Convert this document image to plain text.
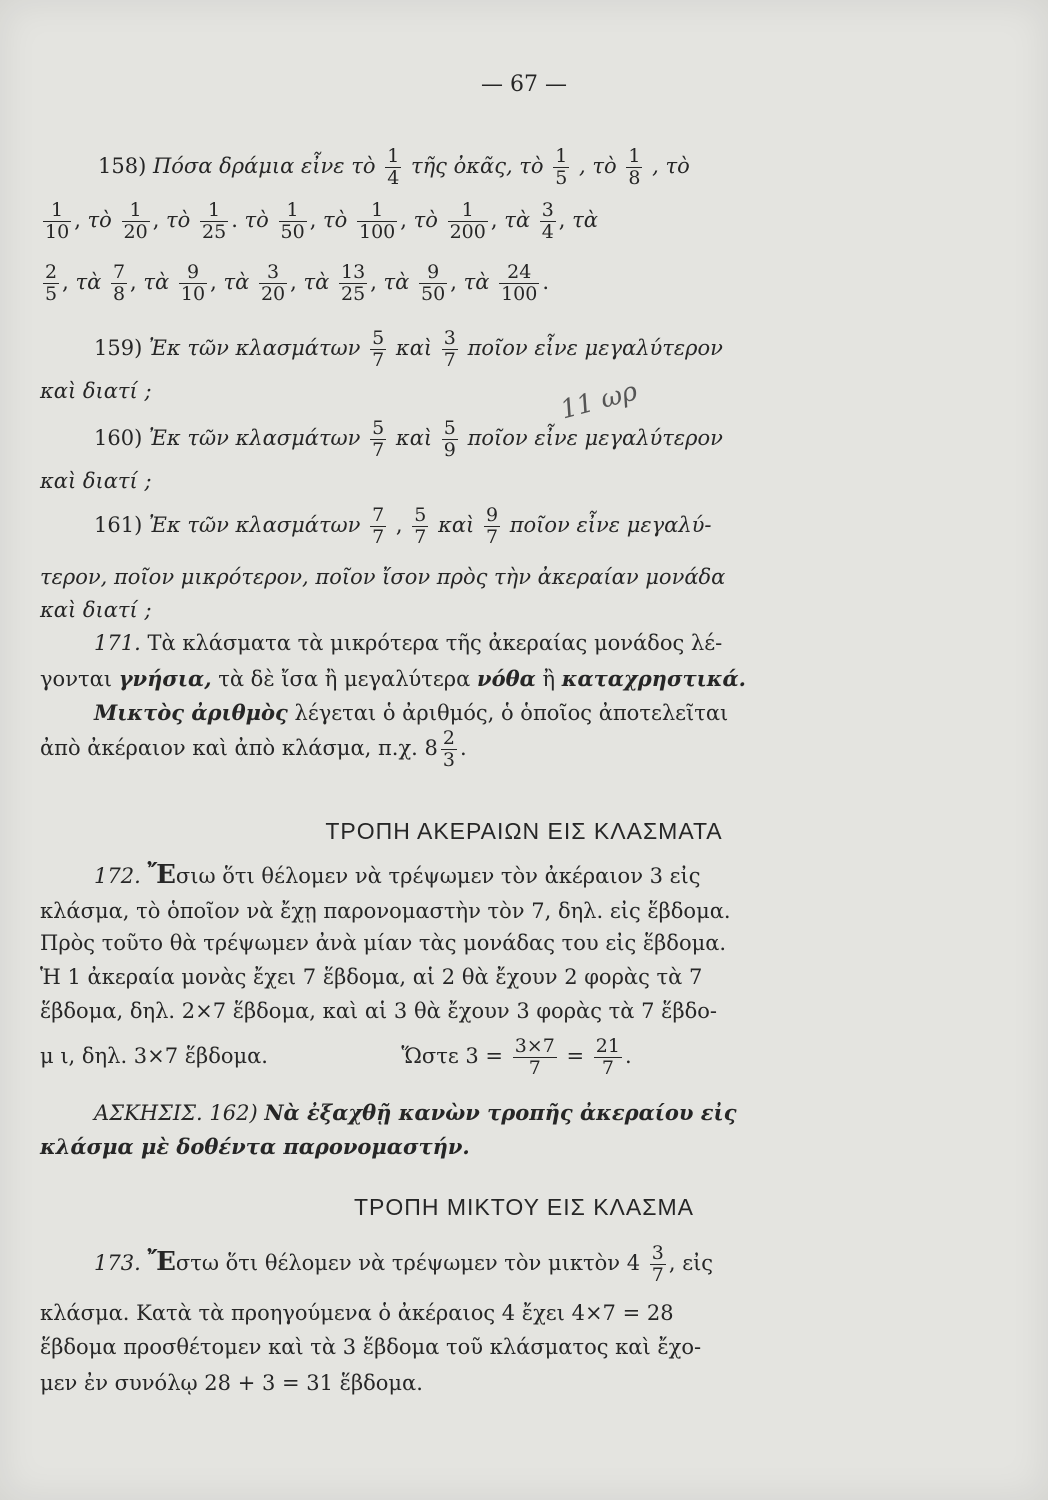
— 67 —
158) Πόσα δράμια εἶνε τὸ $\frac{1}{4}$ τῆς ὀκᾶς, τὸ $\frac{1}{5}$ , τὸ $\frac{1}{8}$ , τὸ
$\frac{1}{10}$ , τὸ $\frac{1}{20}$ , τὸ $\frac{1}{25}$ . τὸ $\frac{1}{50}$ , τὸ $\frac{1}{100}$ , τὸ $\frac{1}{200}$ , τὰ $\frac{3}{4}$ , τὰ
$\frac{2}{5}$ , τὰ $\frac{7}{8}$ , τὰ $\frac{9}{10}$ , τὰ $\frac{3}{20}$ , τὰ $\frac{13}{25}$ , τὰ $\frac{9}{50}$ , τὰ $\frac{24}{100}$ .
159) Ἐκ τῶν κλασμάτων $\frac{5}{7}$ καὶ $\frac{3}{7}$ ποῖον εἶνε μεγαλύτερον
καὶ διατί ;	11 ωρ
160) Ἐκ τῶν κλασμάτων $\frac{5}{7}$ καὶ $\frac{5}{9}$ ποῖον εἶνε μεγαλύτερον
καὶ διατί ;
161) Ἐκ τῶν κλασμάτων $\frac{7}{7}$ , $\frac{5}{7}$ καὶ $\frac{9}{7}$ ποῖον εἶνε μεγαλύ-
τερον, ποῖον μικρότερον, ποῖον ἴσον πρὸς τὴν ἀκεραίαν μονάδα
καὶ διατί ;
171. Τὰ κλάσματα τὰ μικρότερα τῆς ἀκεραίας μονάδος λέ-
γονται γνήσια, τὰ δὲ ἴσα ἢ μεγαλύτερα νόθα ἢ καταχρηστικά.
Μικτὸς ἀριθμὸς λέγεται ὁ ἀριθμός, ὁ ὁποῖος ἀποτελεῖται
ἀπὸ ἀκέραιον καὶ ἀπὸ κλάσμα, π.χ. $8 \frac{2}{3}$ .
ΤΡΟΠΗ ΑΚΕΡΑΙΩΝ ΕΙΣ ΚΛΑΣΜΑΤΑ
172. Ἔσιω ὅτι θέλομεν νὰ τρέψωμεν τὸν ἀκέραιον 3 εἰς
κλάσμα, τὸ ὁποῖον νὰ ἔχῃ παρονομαστὴν τὸν 7, δηλ. εἰς ἕβδομα.
Πρὸς τοῦτο θὰ τρέψωμεν ἀνὰ μίαν τὰς μονάδας του εἰς ἕβδομα.
Ἡ 1 ἀκεραία μονὰς ἔχει 7 ἕβδομα, αἱ 2 θὰ ἔχουν 2 φορὰς τὰ 7
ἕβδομα, δηλ. 2×7 ἕβδομα, καὶ αἱ 3 θὰ ἔχουν 3 φορὰς τὰ 7 ἕβδο-
μ ι, δηλ. 3×7 ἕβδομα.	Ὥστε $3 = \frac{3\times 7}{7} = \frac{21}{7}$ .
ΑΣΚΗΣΙΣ. 162) Νὰ ἐξαχθῇ κανὼν τροπῆς ἀκεραίου εἰς
κλάσμα μὲ δοθέντα παρονομαστήν.
ΤΡΟΠΗ ΜΙΚΤΟΥ ΕΙΣ ΚΛΑΣΜΑ
173. Ἔστω ὅτι θέλομεν νὰ τρέψωμεν τὸν μικτὸν $4 \frac{3}{7}$ , εἰς
κλάσμα. Κατὰ τὰ προηγούμενα ὁ ἀκέραιος 4 ἔχει 4×7 = 28
ἕβδομα προσθέτομεν καὶ τὰ 3 ἕβδομα τοῦ κλάσματος καὶ ἔχο-
μεν ἐν συνόλῳ 28 + 3 = 31 ἕβδομα.
